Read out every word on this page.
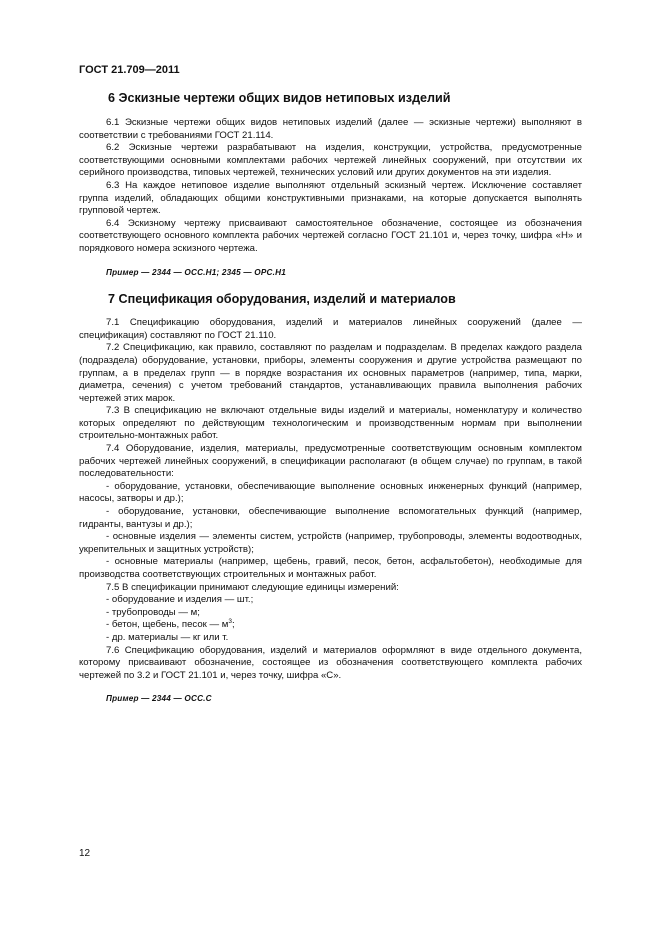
ГОСТ 21.709—2011
6 Эскизные чертежи общих видов нетиповых изделий

6.1 Эскизные чертежи общих видов нетиповых изделий (далее — эскизные чертежи) выполняют в соответствии с требованиями ГОСТ 21.114.

6.2 Эскизные чертежи разрабатывают на изделия, конструкции, устройства, предусмотренные соответствующими основными комплектами рабочих чертежей линейных сооружений, при отсутствии их серийного производства, типовых чертежей, технических условий или других документов на эти изделия.

6.3 На каждое нетиповое изделие выполняют отдельный эскизный чертеж. Исключение составляет группа изделий, обладающих общими конструктивными признаками, на которые допускается выполнять групповой чертеж.

6.4 Эскизному чертежу присваивают самостоятельное обозначение, состоящее из обозначения соответствующего основного комплекта рабочих чертежей согласно ГОСТ 21.101 и, через точку, шифра «Н» и порядкового номера эскизного чертежа.

Пример — 2344 — ОСС.Н1; 2345 — ОРС.Н1

7 Спецификация оборудования, изделий и материалов

7.1 Спецификацию оборудования, изделий и материалов линейных сооружений (далее — спецификация) составляют по ГОСТ 21.110.

7.2 Спецификацию, как правило, составляют по разделам и подразделам. В пределах каждого раздела (подраздела) оборудование, установки, приборы, элементы сооружения и другие устройства размещают по группам, а в пределах групп — в порядке возрастания их основных параметров (например, типа, марки, диаметра, сечения) с учетом требований стандартов, устанавливающих правила выполнения рабочих чертежей этих марок.

7.3 В спецификацию не включают отдельные виды изделий и материалы, номенклатуру и количество которых определяют по действующим технологическим и производственным нормам при выполнении строительно-монтажных работ.

7.4 Оборудование, изделия, материалы, предусмотренные соответствующим основным комплектом рабочих чертежей линейных сооружений, в спецификации располагают (в общем случае) по группам, в такой последовательности:

- оборудование, установки, обеспечивающие выполнение основных инженерных функций (например, насосы, затворы и др.);

- оборудование, установки, обеспечивающие выполнение вспомогательных функций (например, гидранты, вантузы и др.);

- основные изделия — элементы систем, устройств (например, трубопроводы, элементы водоотводных, укрепительных и защитных устройств);

- основные материалы (например, щебень, гравий, песок, бетон, асфальтобетон), необходимые для производства соответствующих строительных и монтажных работ.

7.5 В спецификации принимают следующие единицы измерений:

- оборудование и изделия — шт.;

- трубопроводы — м;

- бетон, щебень, песок — $м^3$;

- др. материалы — кг или т.

7.6 Спецификацию оборудования, изделий и материалов оформляют в виде отдельного документа, которому присваивают обозначение, состоящее из обозначения соответствующего комплекта рабочих чертежей по 3.2 и ГОСТ 21.101 и, через точку, шифра «С».

Пример — 2344 — ОСС.С

12
